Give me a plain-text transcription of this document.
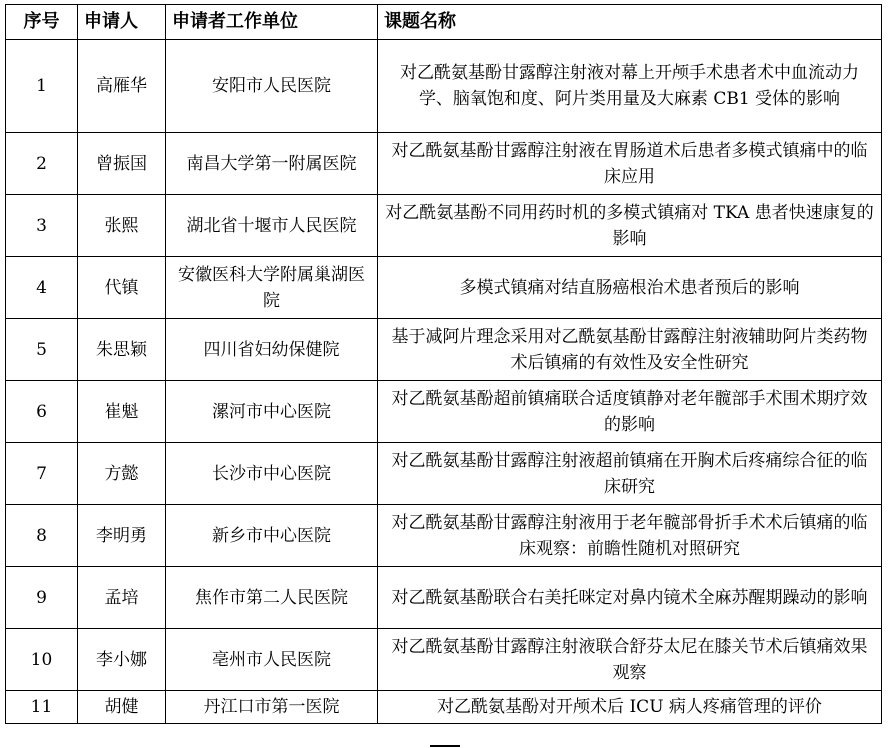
序号	申请人	申请者工作单位	课题名称
1	高雁华	安阳市人民医院	对乙酰氨基酚甘露醇注射液对幕上开颅手术患者术中血流动力学、脑氧饱和度、阿片类用量及大麻素 CB1 受体的影响
2	曾振国	南昌大学第一附属医院	对乙酰氨基酚甘露醇注射液在胃肠道术后患者多模式镇痛中的临床应用
3	张熙	湖北省十堰市人民医院	对乙酰氨基酚不同用药时机的多模式镇痛对 TKA 患者快速康复的影响
4	代镇	安徽医科大学附属巢湖医院	多模式镇痛对结直肠癌根治术患者预后的影响
5	朱思颖	四川省妇幼保健院	基于减阿片理念采用对乙酰氨基酚甘露醇注射液辅助阿片类药物术后镇痛的有效性及安全性研究
6	崔魁	漯河市中心医院	对乙酰氨基酚超前镇痛联合适度镇静对老年髋部手术围术期疗效的影响
7	方懿	长沙市中心医院	对乙酰氨基酚甘露醇注射液超前镇痛在开胸术后疼痛综合征的临床研究
8	李明勇	新乡市中心医院	对乙酰氨基酚甘露醇注射液用于老年髋部骨折手术术后镇痛的临床观察：前瞻性随机对照研究
9	孟培	焦作市第二人民医院	对乙酰氨基酚联合右美托咪定对鼻内镜术全麻苏醒期躁动的影响
10	李小娜	亳州市人民医院	对乙酰氨基酚甘露醇注射液联合舒芬太尼在膝关节术后镇痛效果观察
11	胡健	丹江口市第一医院	对乙酰氨基酚对开颅术后 ICU 病人疼痛管理的评价
